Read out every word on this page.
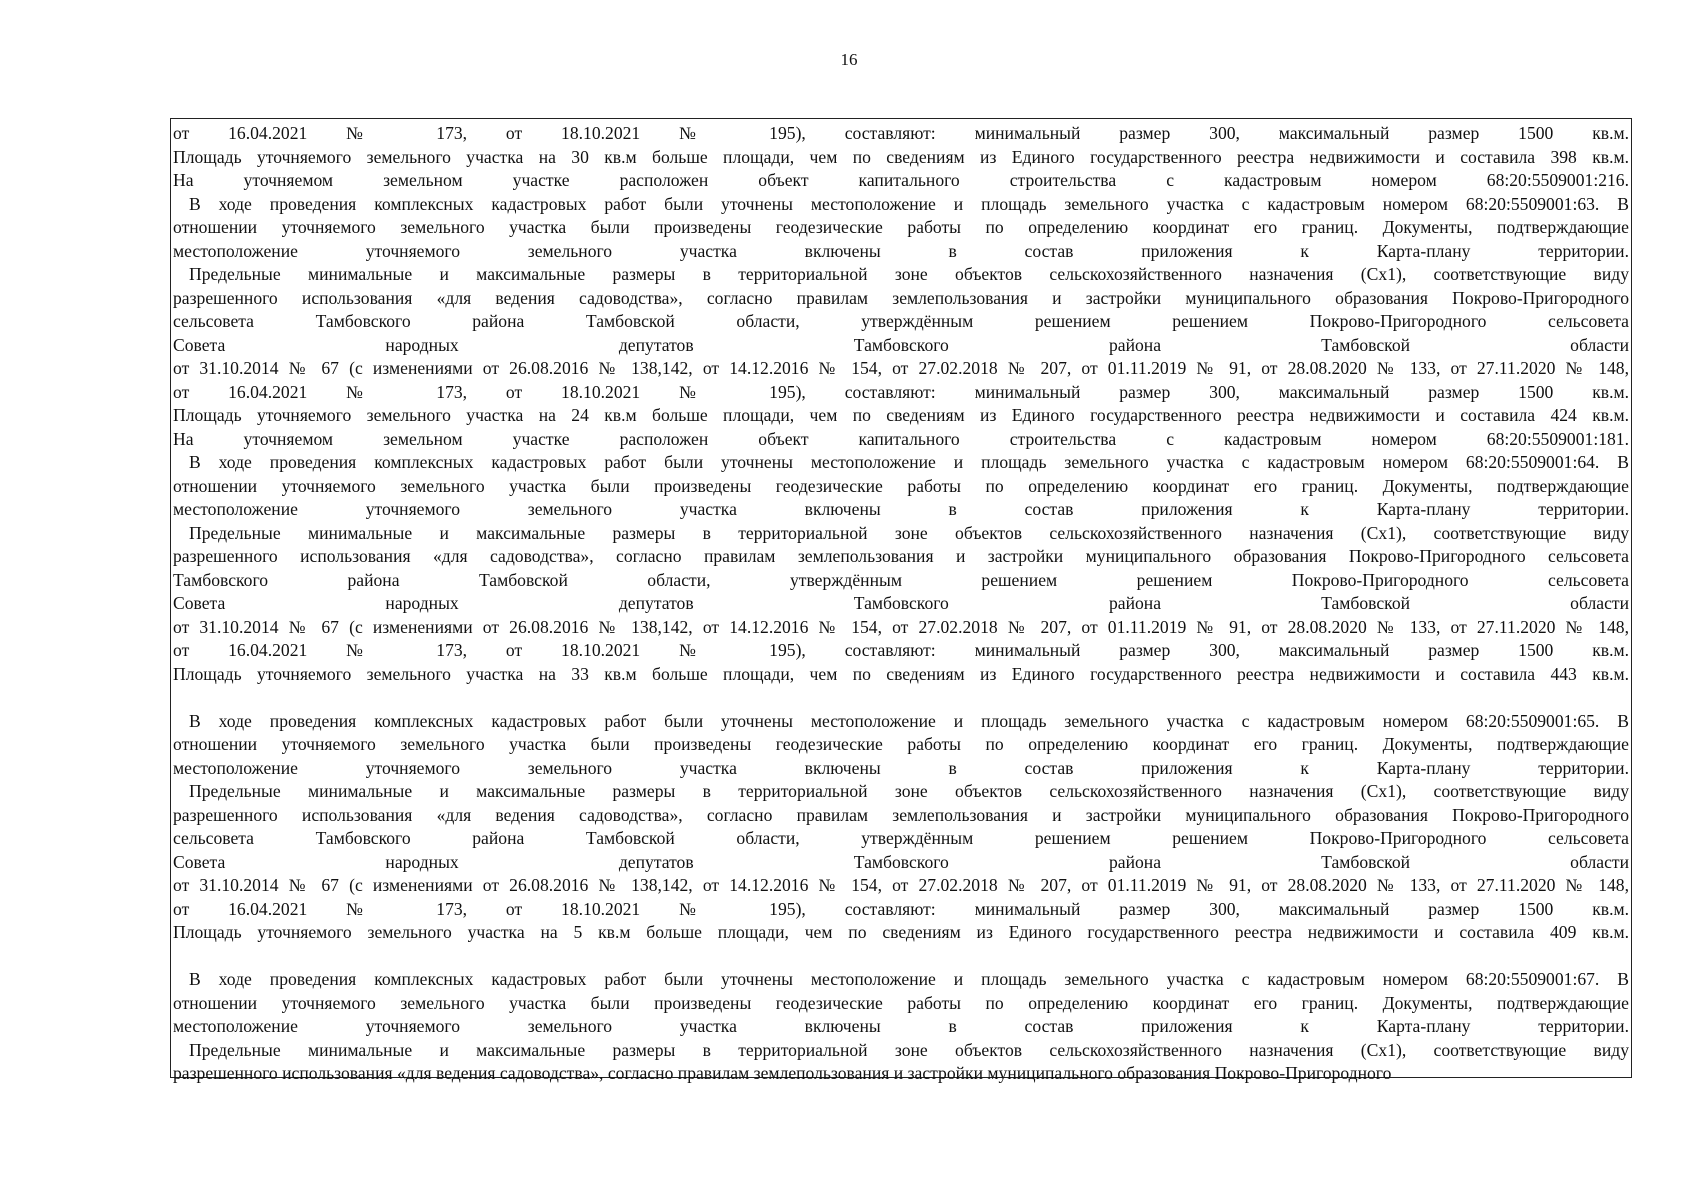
16
от 16.04.2021 № 173, от 18.10.2021 № 195), составляют: минимальный размер 300, максимальный размер 1500 кв.м.
Площадь уточняемого земельного участка на 30 кв.м больше площади, чем по сведениям из Единого государственного реестра недвижимости и составила 398 кв.м.
На уточняемом земельном участке расположен объект капитального строительства с кадастровым номером 68:20:5509001:216.
В ходе проведения комплексных кадастровых работ были уточнены местоположение и площадь земельного участка с кадастровым номером 68:20:5509001:63. В
отношении уточняемого земельного участка были произведены геодезические работы по определению координат его границ. Документы, подтверждающие
местоположение уточняемого земельного участка включены в состав приложения к Карта-плану территории.
Предельные минимальные и максимальные размеры в территориальной зоне объектов сельскохозяйственного назначения (Сх1), соответствующие виду
разрешенного использования «для ведения садоводства», согласно правилам землепользования и застройки муниципального образования Покрово-Пригородного
сельсовета Тамбовского района Тамбовской области, утверждённым решением решением Покрово-Пригородного сельсовета
Совета народных депутатов Тамбовского района Тамбовской области
от 31.10.2014 № 67 (с изменениями от 26.08.2016 № 138,142, от 14.12.2016 № 154, от 27.02.2018 № 207, от 01.11.2019 № 91, от 28.08.2020 № 133, от 27.11.2020 № 148,
от 16.04.2021 № 173, от 18.10.2021 № 195), составляют: минимальный размер 300, максимальный размер 1500 кв.м.
Площадь уточняемого земельного участка на 24 кв.м больше площади, чем по сведениям из Единого государственного реестра недвижимости и составила 424 кв.м.
На уточняемом земельном участке расположен объект капитального строительства с кадастровым номером 68:20:5509001:181.
В ходе проведения комплексных кадастровых работ были уточнены местоположение и площадь земельного участка с кадастровым номером 68:20:5509001:64. В
отношении уточняемого земельного участка были произведены геодезические работы по определению координат его границ. Документы, подтверждающие
местоположение уточняемого земельного участка включены в состав приложения к Карта-плану территории.
Предельные минимальные и максимальные размеры в территориальной зоне объектов сельскохозяйственного назначения (Сх1), соответствующие виду
разрешенного использования «для садоводства», согласно правилам землепользования и застройки муниципального образования Покрово-Пригородного сельсовета
Тамбовского района Тамбовской области, утверждённым решением решением Покрово-Пригородного сельсовета
Совета народных депутатов Тамбовского района Тамбовской области
от 31.10.2014 № 67 (с изменениями от 26.08.2016 № 138,142, от 14.12.2016 № 154, от 27.02.2018 № 207, от 01.11.2019 № 91, от 28.08.2020 № 133, от 27.11.2020 № 148,
от 16.04.2021 № 173, от 18.10.2021 № 195), составляют: минимальный размер 300, максимальный размер 1500 кв.м.
Площадь уточняемого земельного участка на 33 кв.м больше площади, чем по сведениям из Единого государственного реестра недвижимости и составила 443 кв.м.
В ходе проведения комплексных кадастровых работ были уточнены местоположение и площадь земельного участка с кадастровым номером 68:20:5509001:65. В
отношении уточняемого земельного участка были произведены геодезические работы по определению координат его границ. Документы, подтверждающие
местоположение уточняемого земельного участка включены в состав приложения к Карта-плану территории.
Предельные минимальные и максимальные размеры в территориальной зоне объектов сельскохозяйственного назначения (Сх1), соответствующие виду
разрешенного использования «для ведения садоводства», согласно правилам землепользования и застройки муниципального образования Покрово-Пригородного
сельсовета Тамбовского района Тамбовской области, утверждённым решением решением Покрово-Пригородного сельсовета
Совета народных депутатов Тамбовского района Тамбовской области
от 31.10.2014 № 67 (с изменениями от 26.08.2016 № 138,142, от 14.12.2016 № 154, от 27.02.2018 № 207, от 01.11.2019 № 91, от 28.08.2020 № 133, от 27.11.2020 № 148,
от 16.04.2021 № 173, от 18.10.2021 № 195), составляют: минимальный размер 300, максимальный размер 1500 кв.м.
Площадь уточняемого земельного участка на 5 кв.м больше площади, чем по сведениям из Единого государственного реестра недвижимости и составила 409 кв.м.
В ходе проведения комплексных кадастровых работ были уточнены местоположение и площадь земельного участка с кадастровым номером 68:20:5509001:67. В
отношении уточняемого земельного участка были произведены геодезические работы по определению координат его границ. Документы, подтверждающие
местоположение уточняемого земельного участка включены в состав приложения к Карта-плану территории.
Предельные минимальные и максимальные размеры в территориальной зоне объектов сельскохозяйственного назначения (Сх1), соответствующие виду
разрешенного использования «для ведения садоводства», согласно правилам землепользования и застройки муниципального образования Покрово-Пригородного
